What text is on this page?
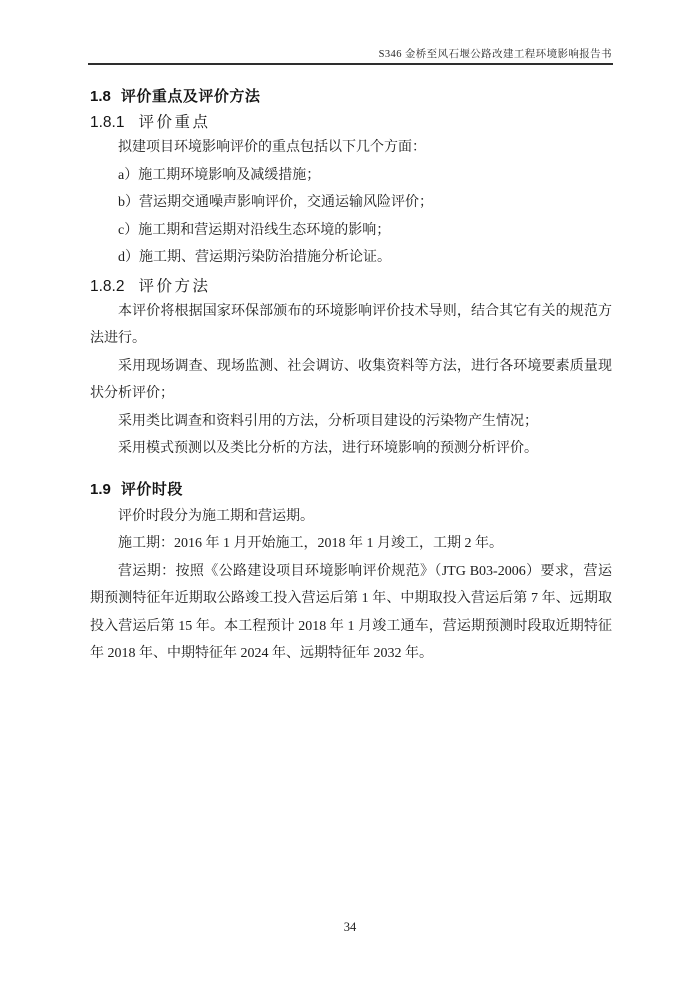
S346 金桥至风石堰公路改建工程环境影响报告书
1.8 评价重点及评价方法
1.8.1 评价重点

拟建项目环境影响评价的重点包括以下几个方面：

a）施工期环境影响及减缓措施；

b）营运期交通噪声影响评价，交通运输风险评价；

c）施工期和营运期对沿线生态环境的影响；

d）施工期、营运期污染防治措施分析论证。

1.8.2 评价方法

本评价将根据国家环保部颁布的环境影响评价技术导则，结合其它有关的规范方法进行。

采用现场调查、现场监测、社会调访、收集资料等方法，进行各环境要素质量现状分析评价；

采用类比调查和资料引用的方法，分析项目建设的污染物产生情况；

采用模式预测以及类比分析的方法，进行环境影响的预测分析评价。

1.9 评价时段

评价时段分为施工期和营运期。

施工期：2016 年 1 月开始施工，2018 年 1 月竣工，工期 2 年。

营运期：按照《公路建设项目环境影响评价规范》（JTG B03-2006）要求，营运期预测特征年近期取公路竣工投入营运后第 1 年、中期取投入营运后第 7 年、远期取投入营运后第 15 年。本工程预计 2018 年 1 月竣工通车，营运期预测时段取近期特征年 2018 年、中期特征年 2024 年、远期特征年 2032 年。

34
